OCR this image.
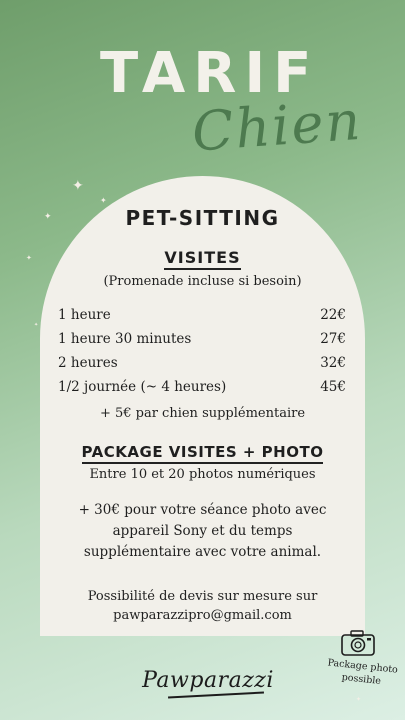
TARIF
Chien
✦
✦
✦
✦
✦
✦
PET-SITTING
VISITES
(Promenade incluse si besoin)
1 heure	22€
1 heure 30 minutes	27€
2 heures	32€
1/2 journée (~ 4 heures)	45€
+ 5€ par chien supplémentaire
PACKAGE VISITES + PHOTO
Entre 10 et 20 photos numériques
+ 30€ pour votre séance photo avec appareil Sony et du temps supplémentaire avec votre animal.
Possibilité de devis sur mesure sur
pawparazzipro@gmail.com
Pawparazzi
Package photo possible
